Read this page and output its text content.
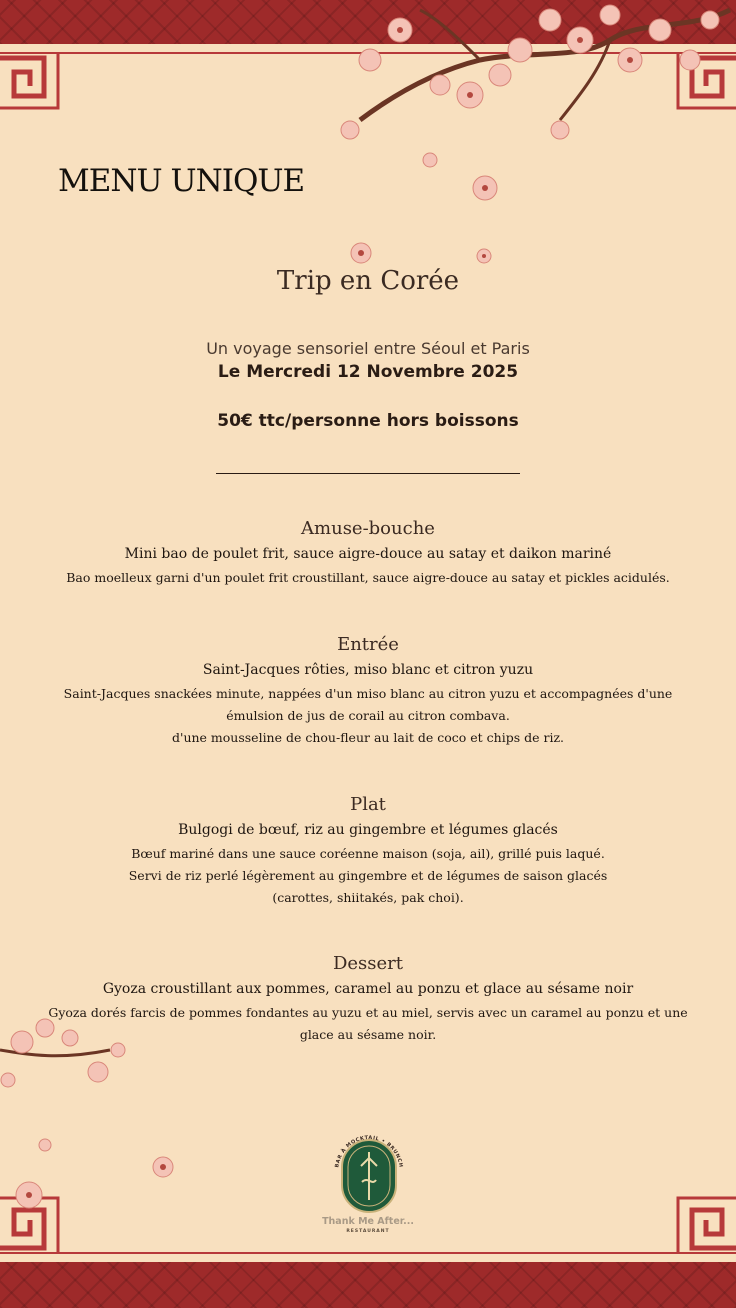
MENU UNIQUE
Trip en Corée
Un voyage sensoriel entre Séoul et Paris
Le Mercredi 12 Novembre 2025
50€ ttc/personne hors boissons
Amuse-bouche
Mini bao de poulet frit, sauce aigre-douce au satay et daikon mariné
Bao moelleux garni d'un poulet frit croustillant, sauce aigre-douce au satay et pickles acidulés.
Entrée
Saint-Jacques rôties, miso blanc et citron yuzu
Saint-Jacques snackées minute, nappées d'un miso blanc au citron yuzu et accompagnées d'une
émulsion de jus de corail au citron combava.
d'une mousseline de chou-fleur au lait de coco et chips de riz.
Plat
Bulgogi de bœuf, riz au gingembre et légumes glacés
Bœuf mariné dans une sauce coréenne maison (soja, ail), grillé puis laqué.
Servi de riz perlé légèrement au gingembre et de légumes de saison glacés
(carottes, shiitakés, pak choi).
Dessert
Gyoza croustillant aux pommes, caramel au ponzu et glace au sésame noir
Gyoza dorés farcis de pommes fondantes au yuzu et au miel, servis avec un caramel au ponzu et une
glace au sésame noir.
BAR À MOCKTAIL • BRUNCH
Thank Me After...
RESTAURANT
